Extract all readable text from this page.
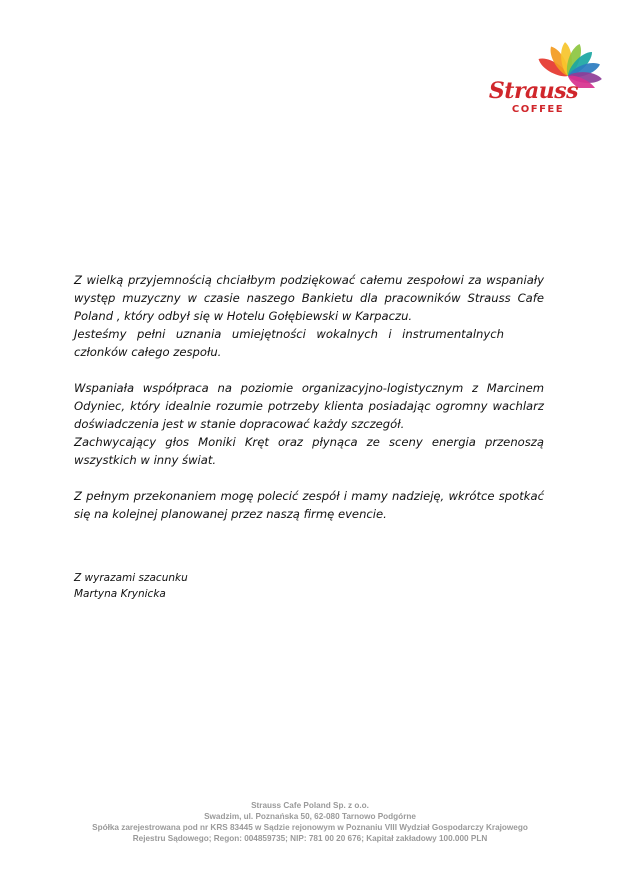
Strauss
COFFEE

Z wielką przyjemnością chciałbym podziękować całemu zespołowi za wspaniały

występ muzyczny w czasie naszego Bankietu dla pracowników Strauss Cafe

Poland , który odbył się w Hotelu Gołębiewski w Karpaczu.

Jesteśmy pełni uznania umiejętności wokalnych i instrumentalnych

członków całego zespołu.

Wspaniała współpraca na poziomie organizacyjno-logistycznym z Marcinem

Odyniec, który idealnie rozumie potrzeby klienta posiadając ogromny wachlarz

doświadczenia jest w stanie dopracować każdy szczegół.

Zachwycający głos Moniki Kręt oraz płynąca ze sceny energia przenoszą

wszystkich w inny świat.

Z pełnym przekonaniem mogę polecić zespół i mamy nadzieję, wkrótce spotkać

się na kolejnej planowanej przez naszą firmę evencie.

Z wyrazami szacunku

Martyna Krynicka

Strauss Cafe Poland Sp. z o.o.

Swadzim, ul. Poznańska 50, 62-080 Tarnowo Podgórne

Spółka zarejestrowana pod nr KRS 83445 w Sądzie rejonowym w Poznaniu VIII Wydział Gospodarczy Krajowego

Rejestru Sądowego; Regon: 004859735; NIP: 781 00 20 676; Kapitał zakładowy 100.000 PLN
